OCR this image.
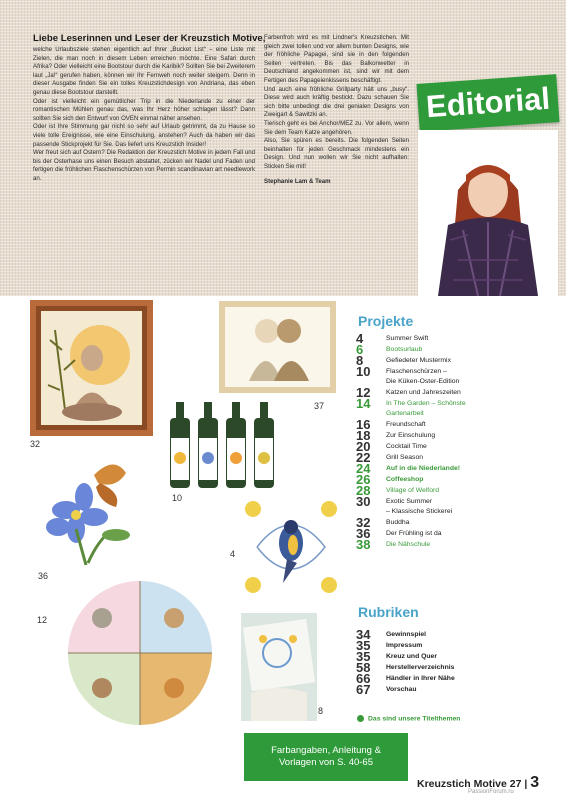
Liebe Leserinnen und Leser der Kreuzstich Motive,

welche Urlaubsziele stehen eigentlich auf Ihrer „Bucket List“ – eine Liste mit Zielen, die man noch in diesem Leben erreichen möchte. Eine Safari durch Afrika? Oder vielleicht eine Bootstour durch die Karibik? Sollten Sie bei Zweiterem laut „Ja!“ gerufen haben, können wir Ihr Fernweh noch weiter steigern. Denn in dieser Ausgabe finden Sie ein tolles Kreuzstichdesign von Andriana, das eben genau diese Bootstour darstellt.

Oder ist vielleicht ein gemütlicher Trip in die Niederlande zu einer der romantischen Mühlen genau das, was Ihr Herz höher schlagen lässt? Dann sollten Sie sich den Entwurf von OVEN einmal näher ansehen.

Oder ist Ihre Stimmung gar nicht so sehr auf Urlaub getrimmt, da zu Hause so viele tolle Ereignisse, wie eine Einschulung, anstehen? Auch da haben wir das passende Stickprojekt für Sie. Das liefert uns Kreuzstich Insider!

Wer freut sich auf Ostern? Die Redaktion der Kreuzstich Motive in jedem Fall und bis der Osterhase uns einen Besuch abstattet, zücken wir Nadel und Faden und fertigen die fröhlichen Flaschenschürzen von Permin scandinavian art needlework an.

Farbenfroh wird es mit Lindner's Kreuzstichen. Mit gleich zwei tollen und vor allem bunten Designs, wie der fröhliche Papagei, sind sie in den folgenden Seiten vertreten. Bis das Balkonwetter in Deutschland angekommen ist, sind wir mit dem Fertigen des Papageienkissens beschäftigt.

Und auch eine fröhliche Grillparty hält uns „busy“. Diese wird auch kräftig bestickt. Dazu schauen Sie sich bitte unbedingt die drei genialen Designs von Zweigart & Sawitzki an.

Tierisch geht es bei Anchor/MEZ zu. Vor allem, wenn Sie dem Team Katze angehören.

Also, Sie spüren es bereits. Die folgenden Seiten beinhalten für jeden Geschmack mindestens ein Design. Und nun wollen wir Sie nicht aufhalten: Sticken Sie mit!

Stephanie Lam & Team

Editorial
32
37
10
4
36
12
8
Projekte
4	Summer Swift
6	Bootsurlaub
8	Gefiedeter Mustermix
10	Flaschenschürzen –
Die Küken-Oster-Edition
12	Katzen und Jahreszeiten
14	In The Garden – Schönste
Gartenarbeit
16	Freundschaft
18	Zur Einschulung
20	Cocktail Time
22	Grill Season
24	Auf in die Niederlande!
26	Coffeeshop
28	Village of Welford
30	Exotic Summer
– Klassische Stickerei
32	Buddha
36	Der Frühling ist da
38	Die Nähschule
Rubriken
34	Gewinnspiel
35	Impressum
35	Kreuz und Quer
58	Herstellerverzeichnis
66	Händler in Ihrer Nähe
67	Vorschau
Das sind unsere Titelthemen
Farbangaben, Anleitung &
Vorlagen von S. 40-65
Kreuzstich Motive 27 | 3
PassionForum.ru
